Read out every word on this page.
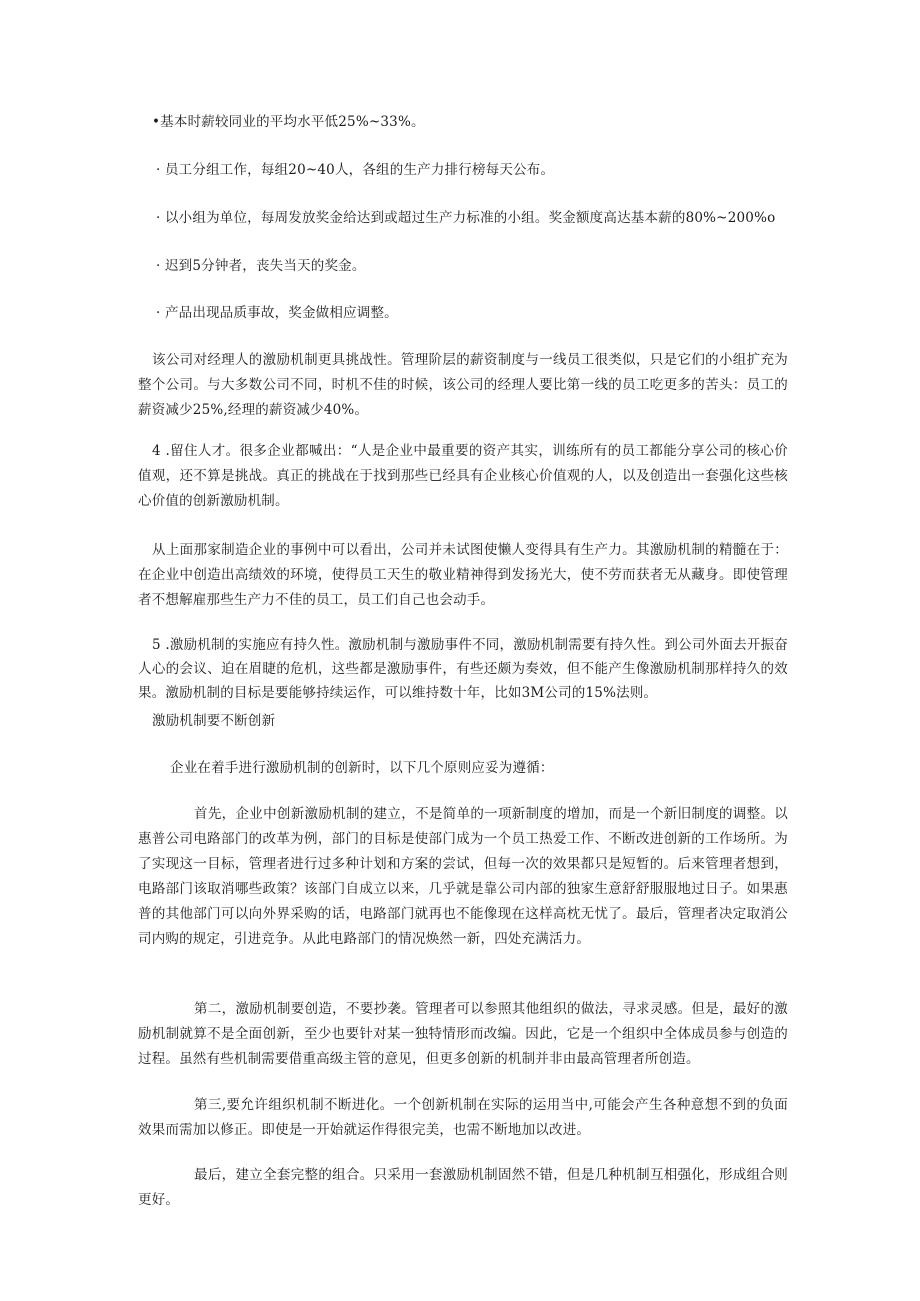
•基本时薪较同业的平均水平低25%~33%。
· 员工分组工作，每组20~40人，各组的生产力排行榜每天公布。
· 以小组为单位，每周发放奖金给达到或超过生产力标准的小组。奖金额度高达基本薪的80%~200%o
· 迟到5分钟者，丧失当天的奖金。
· 产品出现品质事故，奖金做相应调整。
该公司对经理人的激励机制更具挑战性。管理阶层的薪资制度与一线员工很类似，只是它们的小组扩充为整个公司。与大多数公司不同，时机不佳的时候，该公司的经理人要比第一线的员工吃更多的苦头：员工的薪资减少25%,经理的薪资减少40%。
4 .留住人才。很多企业都喊出：“人是企业中最重要的资产其实，训练所有的员工都能分享公司的核心价值观，还不算是挑战。真正的挑战在于找到那些已经具有企业核心价值观的人，以及创造出一套强化这些核心价值的创新激励机制。
从上面那家制造企业的事例中可以看出，公司并未试图使懒人变得具有生产力。其激励机制的精髓在于：在企业中创造出高绩效的环境，使得员工天生的敬业精神得到发扬光大，使不劳而获者无从藏身。即使管理者不想解雇那些生产力不佳的员工，员工们自己也会动手。
5 .激励机制的实施应有持久性。激励机制与激励事件不同，激励机制需要有持久性。到公司外面去开振奋人心的会议、迫在眉睫的危机，这些都是激励事件，有些还颇为奏效，但不能产生像激励机制那样持久的效果。激励机制的目标是要能够持续运作，可以维持数十年，比如3M公司的15%法则。
激励机制要不断创新
企业在着手进行激励机制的创新时，以下几个原则应妥为遵循：
首先，企业中创新激励机制的建立，不是简单的一项新制度的增加，而是一个新旧制度的调整。以惠普公司电路部门的改革为例，部门的目标是使部门成为一个员工热爱工作、不断改进创新的工作场所。为了实现这一目标，管理者进行过多种计划和方案的尝试，但每一次的效果都只是短暂的。后来管理者想到，电路部门该取消哪些政策？该部门自成立以来，几乎就是靠公司内部的独家生意舒舒服服地过日子。如果惠普的其他部门可以向外界采购的话，电路部门就再也不能像现在这样高枕无忧了。最后，管理者决定取消公司内购的规定，引进竞争。从此电路部门的情况焕然一新，四处充满活力。
第二，激励机制要创造，不要抄袭。管理者可以参照其他组织的做法，寻求灵感。但是，最好的激励机制就算不是全面创新，至少也要针对某一独特情形而改编。因此，它是一个组织中全体成员参与创造的过程。虽然有些机制需要借重高级主管的意见，但更多创新的机制并非由最高管理者所创造。
第三,要允许组织机制不断进化。一个创新机制在实际的运用当中,可能会产生各种意想不到的负面效果而需加以修正。即使是一开始就运作得很完美，也需不断地加以改进。
最后，建立全套完整的组合。只采用一套激励机制固然不错，但是几种机制互相强化，形成组合则更好。
